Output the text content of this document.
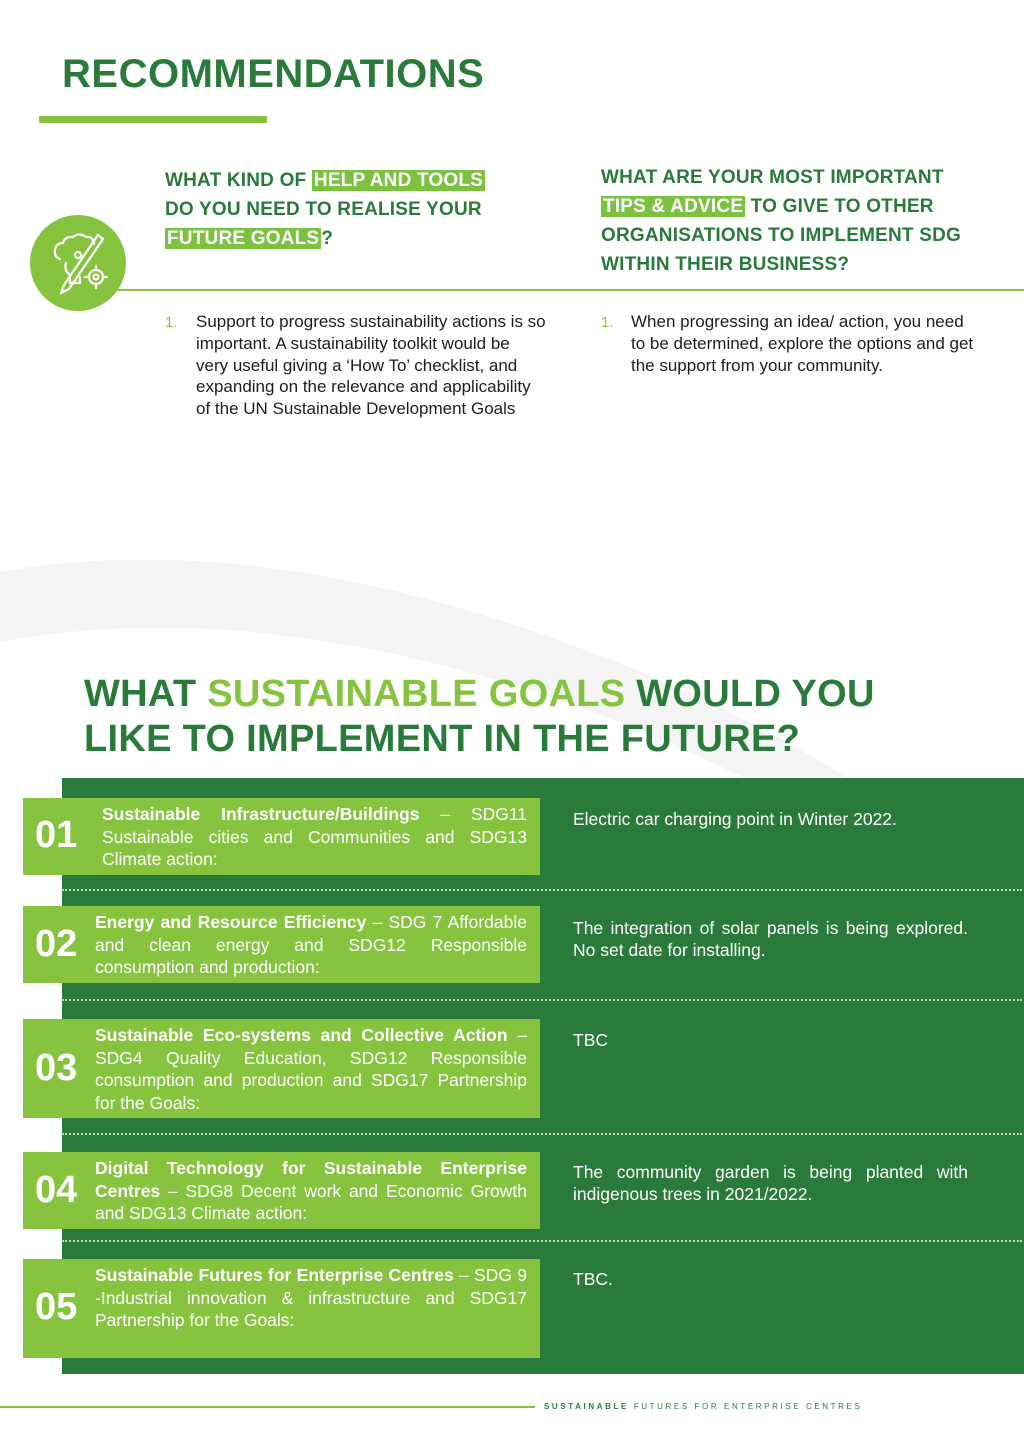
RECOMMENDATIONS
WHAT KIND OF HELP AND TOOLS
DO YOU NEED TO REALISE YOUR
FUTURE GOALS ?
WHAT ARE YOUR MOST IMPORTANT
TIPS & ADVICE TO GIVE TO OTHER
ORGANISATIONS TO IMPLEMENT SDG
WITHIN THEIR BUSINESS?
1. Support to progress sustainability actions is so important. A sustainability toolkit would be very useful giving a ‘How To’ checklist, and expanding on the relevance and applicability of the UN Sustainable Development Goals
1. When progressing an idea/ action, you need to be determined, explore the options and get the support from your community.
WHAT SUSTAINABLE GOALS WOULD YOU
LIKE TO IMPLEMENT IN THE FUTURE?
01 Sustainable Infrastructure/Buildings – SDG11 Sustainable cities and Communities and SDG13 Climate action:
Electric car charging point in Winter 2022.
02
Energy and Resource Efficiency – SDG 7 Affordable and clean energy and SDG12 Responsible consumption and production:
The integration of solar panels is being explored. No set date for installing.
03
Sustainable Eco-systems and Collective Action – SDG4 Quality Education, SDG12 Responsible consumption and production and SDG17 Partnership for the Goals:
TBC
04
Digital Technology for Sustainable Enterprise Centres – SDG8 Decent work and Economic Growth and SDG13 Climate action:
The community garden is being planted with indigenous trees in 2021/2022.
05
Sustainable Futures for Enterprise Centres – SDG 9 -Industrial innovation & infrastructure and SDG17 Partnership for the Goals:
TBC.
SUSTAINABLE FUTURES FOR ENTERPRISE CENTRES
